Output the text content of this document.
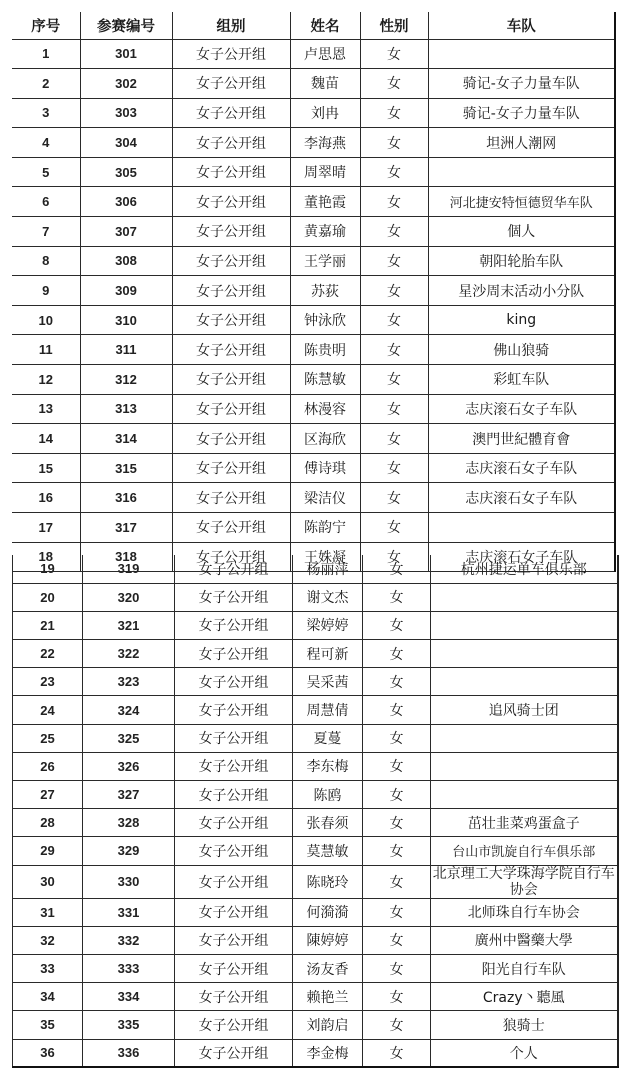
序号	参赛编号	组别	姓名	性别	车队
1	301	女子公开组	卢思恩	女	
2	302	女子公开组	魏苗	女	骑记-女子力量车队
3	303	女子公开组	刘冉	女	骑记-女子力量车队
4	304	女子公开组	李海燕	女	坦洲人潮网
5	305	女子公开组	周翠晴	女	
6	306	女子公开组	董艳霞	女	河北捷安特恒德贸华车队
7	307	女子公开组	黄嘉瑜	女	個人
8	308	女子公开组	王学丽	女	朝阳轮胎车队
9	309	女子公开组	苏荻	女	星沙周末活动小分队
10	310	女子公开组	钟泳欣	女	king
11	311	女子公开组	陈贵明	女	佛山狼骑
12	312	女子公开组	陈慧敏	女	彩虹车队
13	313	女子公开组	林漫容	女	志庆滚石女子车队
14	314	女子公开组	区海欣	女	澳門世紀體育會
15	315	女子公开组	傅诗琪	女	志庆滚石女子车队
16	316	女子公开组	梁洁仪	女	志庆滚石女子车队
17	317	女子公开组	陈韵宁	女	
18	318	女子公开组	王姝凝	女	志庆滚石女子车队
19	319	女子公开组	杨丽萍	女	杭州捷运单车俱乐部
20	320	女子公开组	谢文杰	女	
21	321	女子公开组	梁婷婷	女	
22	322	女子公开组	程可新	女	
23	323	女子公开组	吴采茜	女	
24	324	女子公开组	周慧倩	女	追风骑士团
25	325	女子公开组	夏蔓	女	
26	326	女子公开组	李东梅	女	
27	327	女子公开组	陈鸥	女	
28	328	女子公开组	张春须	女	茁壮韭菜鸡蛋盒子
29	329	女子公开组	莫慧敏	女	台山市凯旋自行车俱乐部
30	330	女子公开组	陈晓玲	女	北京理工大学珠海学院自行车协会
31	331	女子公开组	何漪漪	女	北师珠自行车协会
32	332	女子公开组	陳婷婷	女	廣州中醫藥大學
33	333	女子公开组	汤友香	女	阳光自行车队
34	334	女子公开组	赖艳兰	女	Crazy丶聽風
35	335	女子公开组	刘韵启	女	狼骑士
36	336	女子公开组	李金梅	女	个人
